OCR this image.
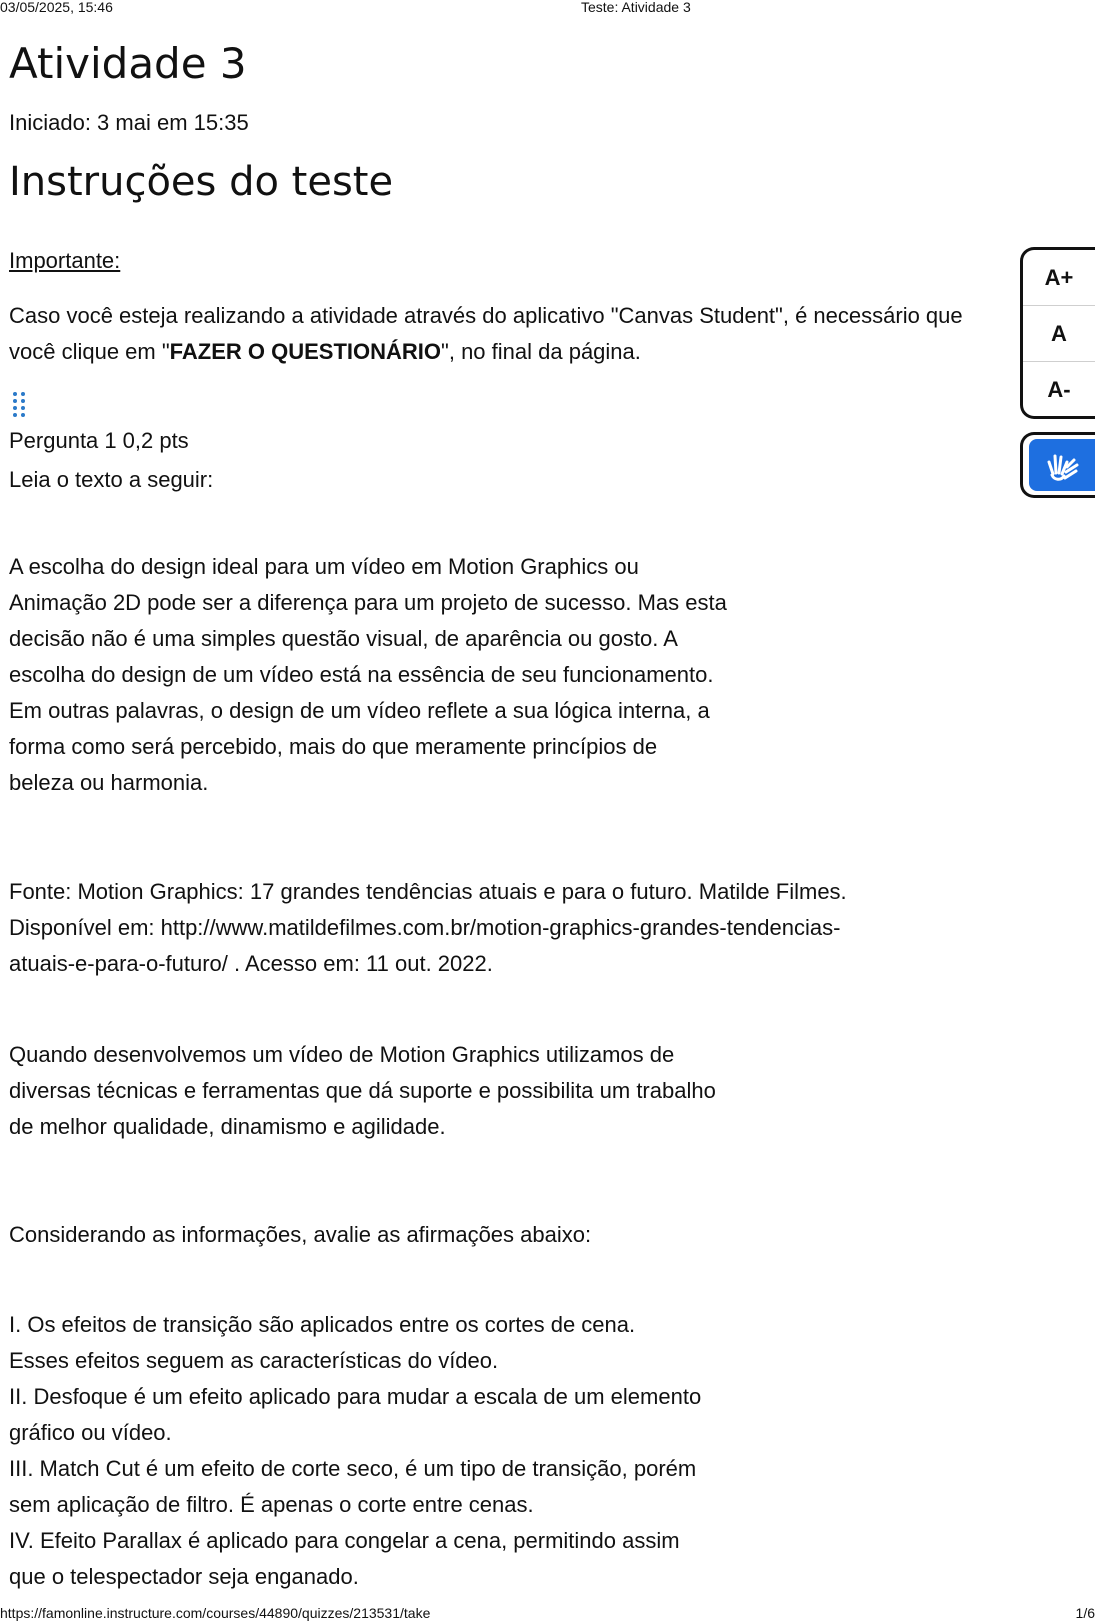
03/05/2025, 15:46	Teste: Atividade 3
Atividade 3
Iniciado: 3 mai em 15:35
Instruções do teste
Importante:
Caso você esteja realizando a atividade através do aplicativo "Canvas Student", é necessário que
você clique em "FAZER O QUESTIONÁRIO", no final da página.
Pergunta 1 0,2 pts
Leia o texto a seguir:
A escolha do design ideal para um vídeo em Motion Graphics ou
Animação 2D pode ser a diferença para um projeto de sucesso. Mas esta
decisão não é uma simples questão visual, de aparência ou gosto. A
escolha do design de um vídeo está na essência de seu funcionamento.
Em outras palavras, o design de um vídeo reflete a sua lógica interna, a
forma como será percebido, mais do que meramente princípios de
beleza ou harmonia.
Fonte: Motion Graphics: 17 grandes tendências atuais e para o futuro. Matilde Filmes.
Disponível em: http://www.matildefilmes.com.br/motion-graphics-grandes-tendencias-
atuais-e-para-o-futuro/ . Acesso em: 11 out. 2022.
Quando desenvolvemos um vídeo de Motion Graphics utilizamos de
diversas técnicas e ferramentas que dá suporte e possibilita um trabalho
de melhor qualidade, dinamismo e agilidade.
Considerando as informações, avalie as afirmações abaixo:
I. Os efeitos de transição são aplicados entre os cortes de cena.
Esses efeitos seguem as características do vídeo.
II. Desfoque é um efeito aplicado para mudar a escala de um elemento
gráfico ou vídeo.
III. Match Cut é um efeito de corte seco, é um tipo de transição, porém
sem aplicação de filtro. É apenas o corte entre cenas.
IV. Efeito Parallax é aplicado para congelar a cena, permitindo assim
que o telespectador seja enganado.
A+
A
A-
https://famonline.instructure.com/courses/44890/quizzes/213531/take	1/6
